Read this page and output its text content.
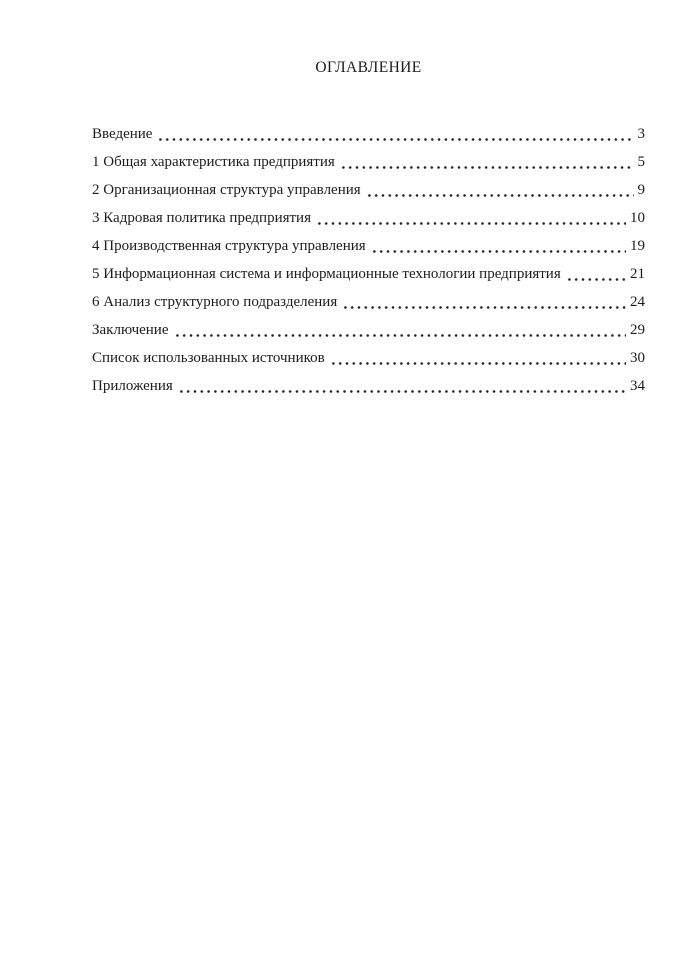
ОГЛАВЛЕНИЕ
Введение	3
1 Общая характеристика предприятия	5
2 Организационная структура управления	9
3 Кадровая политика предприятия	10
4 Производственная структура управления	19
5 Информационная система и информационные технологии предприятия	21
6 Анализ структурного подразделения	24
Заключение	29
Список использованных источников	30
Приложения	34
